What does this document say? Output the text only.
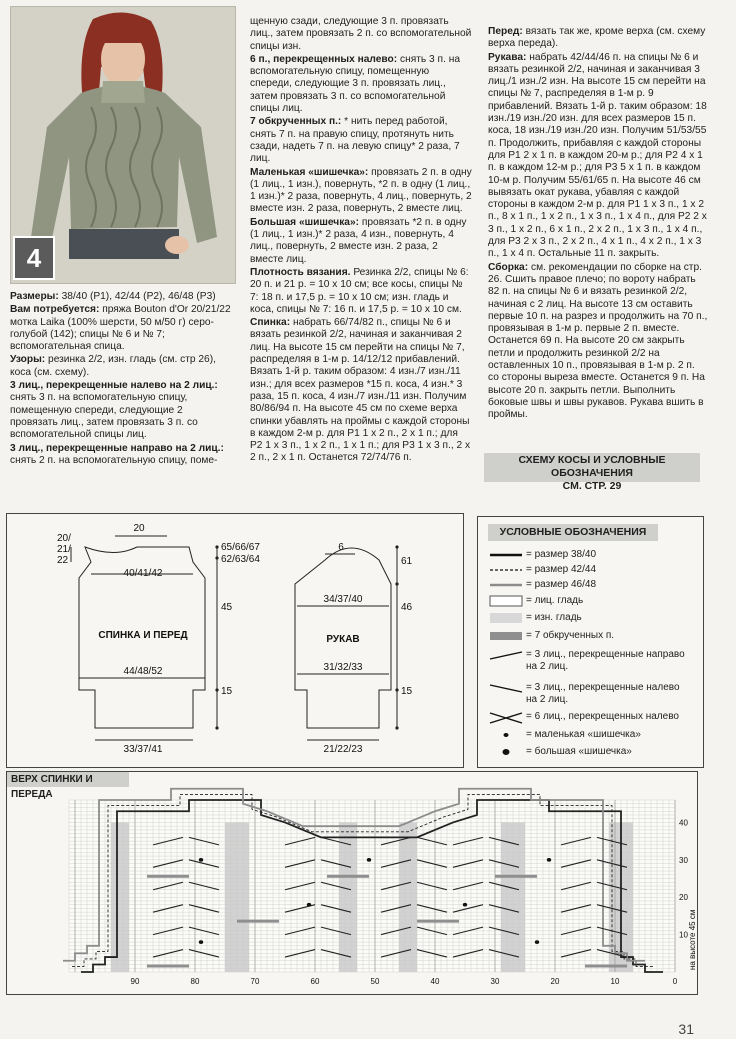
4

Размеры: 38/40 (P1), 42/44 (P2), 46/48 (P3)

Вам потребуется: пряжа Bouton d'Or 20/21/22 мотка Laika (100% шерсти, 50 м/50 г) серо-голубой (142); спицы № 6 и № 7; вспомогательная спица.

Узоры: резинка 2/2, изн. гладь (см. стр 26), коса (см. схему).

3 лиц., перекрещенные налево на 2 лиц.: снять 3 п. на вспомогательную спицу, помещенную спереди, следующие 2 провязать лиц., затем провязать 3 п. со вспомогательной спицы лиц.

3 лиц., перекрещенные направо на 2 лиц.: снять 2 п. на вспомогательную спицу, поме-

щенную сзади, следующие 3 п. провязать лиц., затем провязать 2 п. со вспомогательной спицы изн.

6 п., перекрещенных налево: снять 3 п. на вспомогательную спицу, помещенную спереди, следующие 3 п. провязать лиц., затем провязать 3 п. со вспомогательной спицы лиц.

7 обкрученных п.: * нить перед работой, снять 7 п. на правую спицу, протянуть нить сзади, надеть 7 п. на левую спицу* 2 раза, 7 лиц.

Маленькая «шишечка»: провязать 2 п. в одну (1 лиц., 1 изн.), повернуть, *2 п. в одну (1 лиц., 1 изн.)* 2 раза, повернуть, 4 лиц., повернуть, 2 вместе изн. 2 раза, повернуть, 2 вместе лиц.

Большая «шишечка»: провязать *2 п. в одну (1 лиц., 1 изн.)* 2 раза, 4 изн., повернуть, 4 лиц., повернуть, 2 вместе изн. 2 раза, 2 вместе лиц.

Плотность вязания. Резинка 2/2, спицы № 6: 20 п. и 21 р. = 10 х 10 см; все косы, спицы № 7: 18 п. и 17,5 р. = 10 х 10 см; изн. гладь и коса, спицы № 7: 16 п. и 17,5 р. = 10 х 10 см.

Спинка: набрать 66/74/82 п., спицы № 6 и вязать резинкой 2/2, начиная и заканчивая 2 лиц. На высоте 15 см перейти на спицы № 7, распределяя в 1-м р. 14/12/12 прибавлений. Вязать 1-й р. таким образом: 4 изн./7 изн./11 изн.; для всех размеров *15 п. коса, 4 изн.* 3 раза, 15 п. коса, 4 изн./7 изн./11 изн. Получим 80/86/94 п. На высоте 45 см по схеме верха спинки убавлять на проймы с каждой стороны в каждом 2-м р. для P1 1 х 2 п., 2 х 1 п.; для P2 1 х 3 п., 1 х 2 п., 1 х 1 п.; для P3 1 х 3 п., 2 х 2 п., 2 х 1 п. Останется 72/74/76 п.

Перед: вязать так же, кроме верха (см. схему верха переда).

Рукава: набрать 42/44/46 п. на спицы № 6 и вязать резинкой 2/2, начиная и заканчивая 3 лиц./1 изн./2 изн. На высоте 15 см перейти на спицы № 7, распределяя в 1-м р. 9 прибавлений. Вязать 1-й р. таким образом: 18 изн./19 изн./20 изн. для всех размеров 15 п. коса, 18 изн./19 изн./20 изн. Получим 51/53/55 п. Продолжить, прибавляя с каждой стороны для P1 2 х 1 п. в каждом 20-м р.; для P2 4 х 1 п. в каждом 12-м р.; для P3 5 х 1 п. в каждом 10-м р. Получим 55/61/65 п. На высоте 46 см вывязать окат рукава, убавляя с каждой стороны в каждом 2-м р. для P1 1 х 3 п., 1 х 2 п., 8 х 1 п., 1 х 2 п., 1 х 3 п., 1 х 4 п., для P2 2 х 3 п., 1 х 2 п., 6 х 1 п., 2 х 2 п., 1 х 3 п., 1 х 4 п., для P3 2 х 3 п., 2 х 2 п., 4 х 1 п., 4 х 2 п., 1 х 3 п., 1 х 4 п. Остальные 11 п. закрыть.

Сборка: см. рекомендации по сборке на стр. 26. Сшить правое плечо; по вороту набрать 82 п. на спицы № 6 и вязать резинкой 2/2, начиная с 2 лиц. На высоте 13 см оставить первые 10 п. на разрез и продолжить на 70 п., провязывая в 1-м р. первые 2 п. вместе. Останется 69 п. На высоте 20 см закрыть петли и продолжить резинкой 2/2 на оставленных 10 п., провязывая в 1-м р. 2 п. со стороны выреза вместе. Останется 9 п. На высоте 20 п. закрыть петли. Выполнить боковые швы и швы рукавов. Рукава вшить в проймы.

СХЕМУ КОСЫ И УСЛОВНЫЕ ОБОЗНАЧЕНИЯ
СМ. СТР. 29
20
20/
21/
22
40/41/42
СПИНКА И ПЕРЕД
44/48/52
33/37/41
65/66/67
62/63/64
45
15
6
34/37/40
РУКАВ
31/32/33
21/22/23
61
46
15
УСЛОВНЫЕ ОБОЗНАЧЕНИЯ
= размер 38/40
= размер 42/44
= размер 46/48
= лиц. гладь
= изн. гладь
= 7 обкрученных п.
= 3 лиц., перекрещенные направо на 2 лиц.
= 3 лиц., перекрещенные налево на 2 лиц.
= 6 лиц., перекрещенных налево
= маленькая «шишечка»
= большая «шишечка»
ВЕРХ СПИНКИ И ПЕРЕДА
90	80	70	60	50	40	30	20	10	0
10
20
30
40
на высоте 45 см
31
